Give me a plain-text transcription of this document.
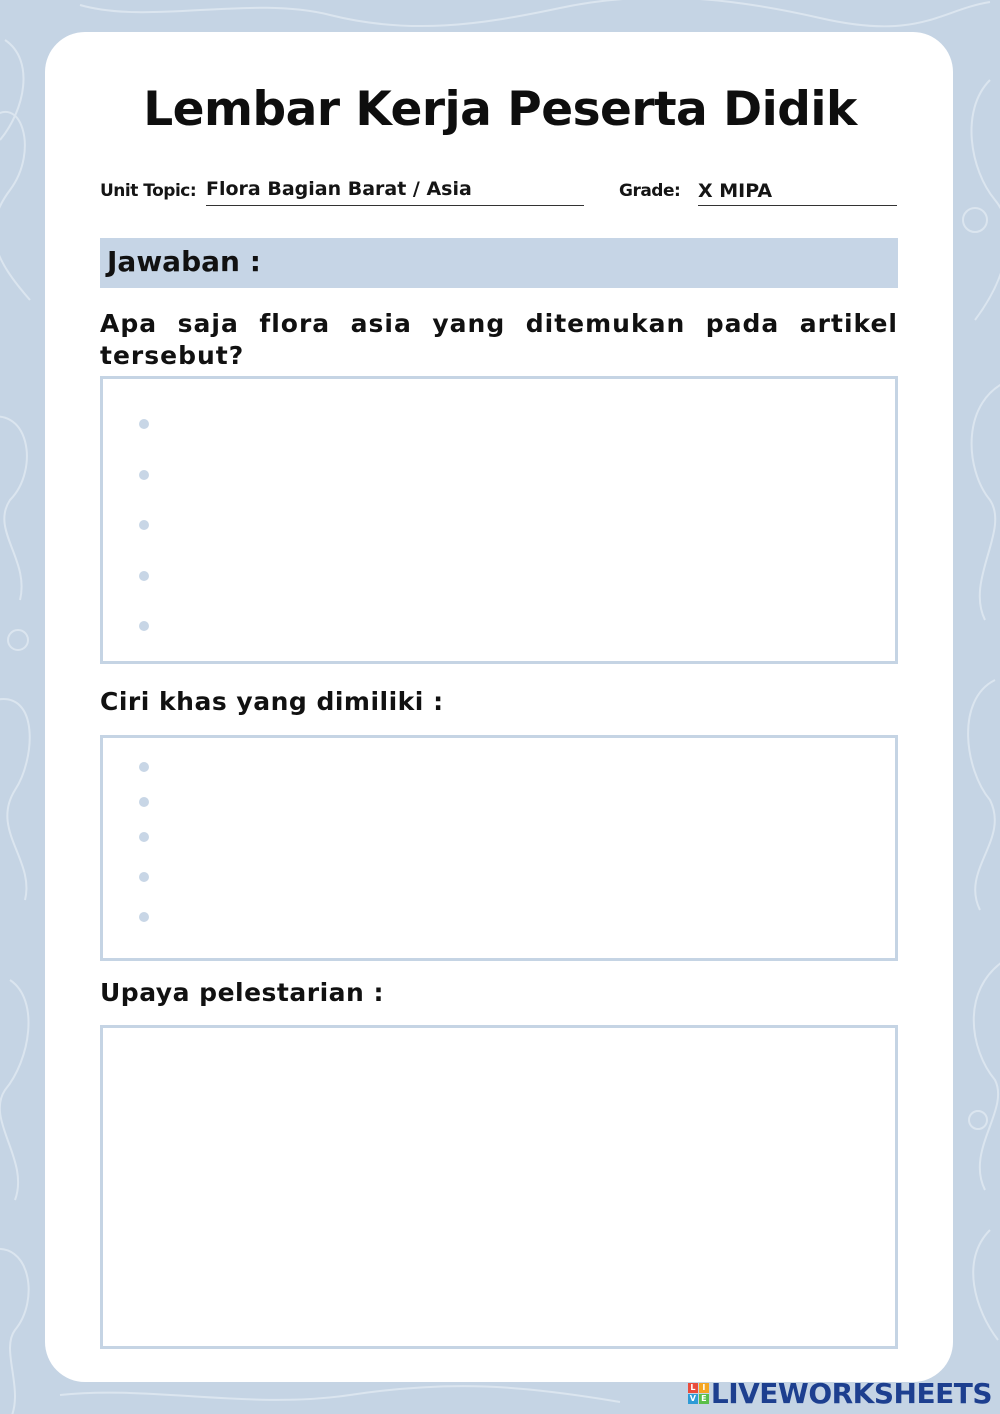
Lembar Kerja Peserta Didik
Unit Topic: Flora Bagian Barat / Asia	Grade: X MIPA
Jawaban :
Apa saja flora asia yang ditemukan pada artikel tersebut?
Ciri khas yang dimiliki :
Upaya pelestarian :
L I
V E LIVEWORKSHEETS
